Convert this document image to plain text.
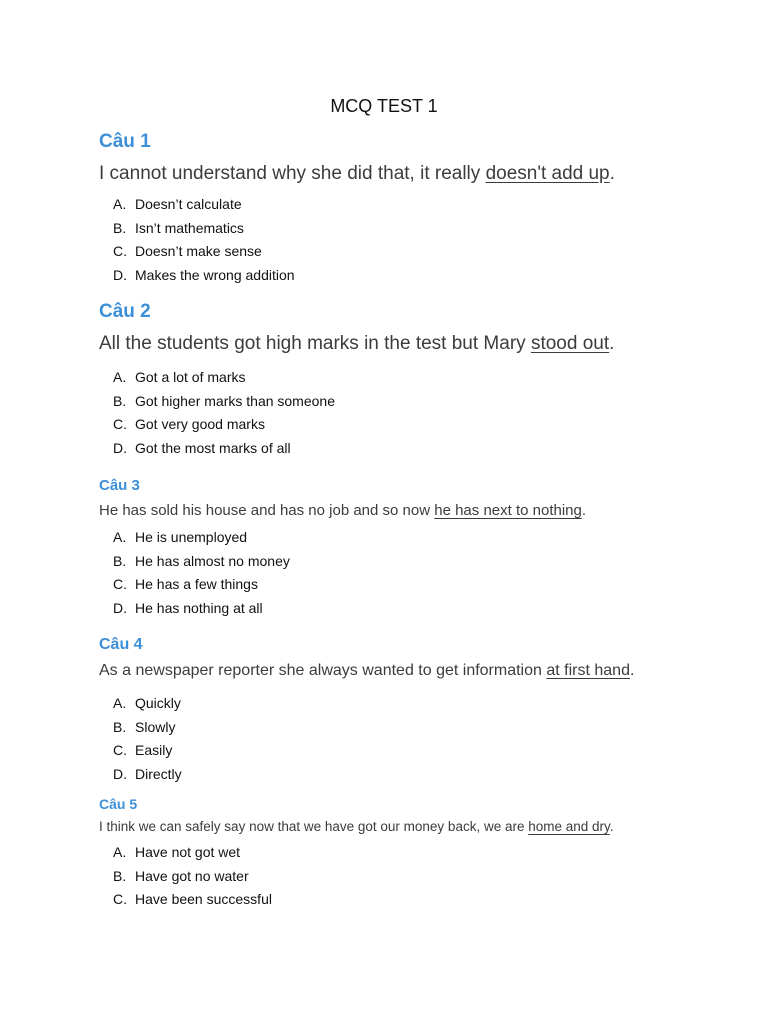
MCQ TEST 1
Câu 1
I cannot understand why she did that, it really doesn't add up.
A. Doesn’t calculate
B. Isn’t mathematics
C. Doesn’t make sense
D. Makes the wrong addition
Câu 2
All the students got high marks in the test but Mary stood out.
A. Got a lot of marks
B. Got higher marks than someone
C. Got very good marks
D. Got the most marks of all
Câu 3
He has sold his house and has no job and so now he has next to nothing.
A. He is unemployed
B. He has almost no money
C. He has a few things
D. He has nothing at all
Câu 4
As a newspaper reporter she always wanted to get information at first hand.
A. Quickly
B. Slowly
C. Easily
D. Directly
Câu 5
I think we can safely say now that we have got our money back, we are home and dry.
A. Have not got wet
B. Have got no water
C. Have been successful
